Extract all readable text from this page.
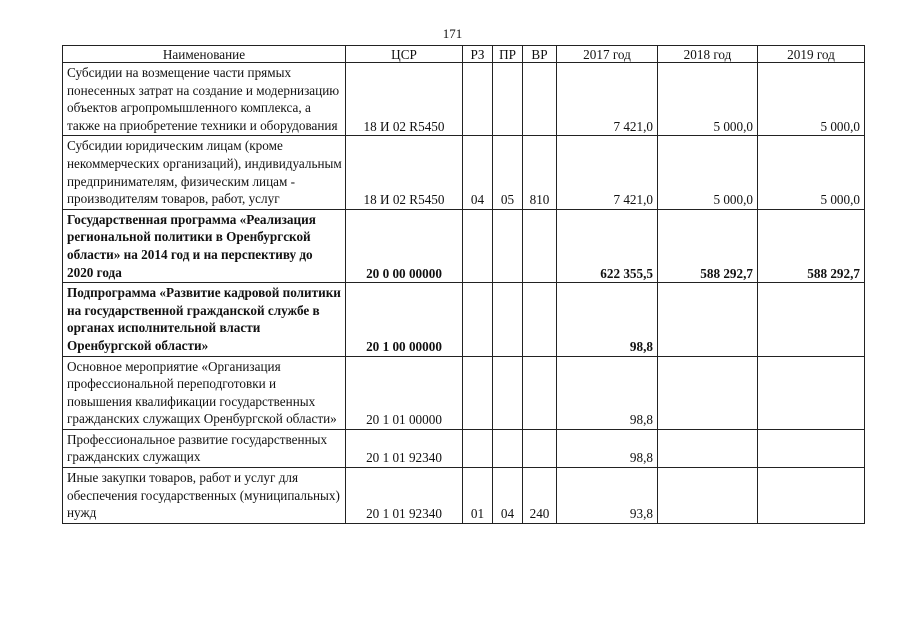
171
Наименование	ЦСР	РЗ	ПР	ВР	2017 год	2018 год	2019 год
Субсидии на возмещение части прямых понесенных затрат на создание и модернизацию объектов агропромышленного комплекса, а также на приобретение техники и оборудования	18 И 02 R5450				7 421,0	5 000,0	5 000,0
Субсидии юридическим лицам (кроме некоммерческих организаций), индивидуальным предпринимателям, физическим лицам - производителям товаров, работ, услуг	18 И 02 R5450	04	05	810	7 421,0	5 000,0	5 000,0
Государственная программа «Реализация региональной политики в Оренбургской области» на 2014 год и на перспективу до 2020 года	20 0 00 00000				622 355,5	588 292,7	588 292,7
Подпрограмма «Развитие кадровой политики на государственной гражданской службе в органах исполнительной власти Оренбургской области»	20 1 00 00000				98,8		
Основное мероприятие «Организация профессиональной переподготовки и повышения квалификации государственных гражданских служащих Оренбургской области»	20 1 01 00000				98,8		
Профессиональное развитие государственных гражданских служащих	20 1 01 92340				98,8		
Иные закупки товаров, работ и услуг для обеспечения государственных (муниципальных) нужд	20 1 01 92340	01	04	240	93,8		
